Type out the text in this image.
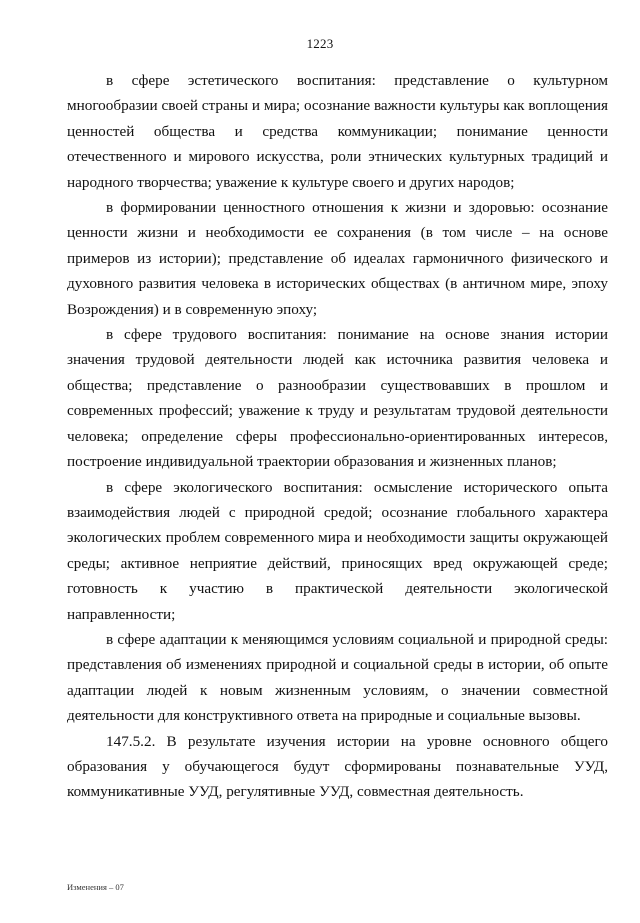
1223

в сфере эстетического воспитания: представление о культурном многообразии своей страны и мира; осознание важности культуры как воплощения ценностей общества и средства коммуникации; понимание ценности отечественного и мирового искусства, роли этнических культурных традиций и народного творчества; уважение к культуре своего и других народов;

в формировании ценностного отношения к жизни и здоровью: осознание ценности жизни и необходимости ее сохранения (в том числе – на основе примеров из истории); представление об идеалах гармоничного физического и духовного развития человека в исторических обществах (в античном мире, эпоху Возрождения) и в современную эпоху;

в сфере трудового воспитания: понимание на основе знания истории значения трудовой деятельности людей как источника развития человека и общества; представление о разнообразии существовавших в прошлом и современных профессий; уважение к труду и результатам трудовой деятельности человека; определение сферы профессионально-ориентированных интересов, построение индивидуальной траектории образования и жизненных планов;

в сфере экологического воспитания: осмысление исторического опыта взаимодействия людей с природной средой; осознание глобального характера экологических проблем современного мира и необходимости защиты окружающей среды; активное неприятие действий, приносящих вред окружающей среде; готовность к участию в практической деятельности экологической направленности;

в сфере адаптации к меняющимся условиям социальной и природной среды: представления об изменениях природной и социальной среды в истории, об опыте адаптации людей к новым жизненным условиям, о значении совместной деятельности для конструктивного ответа на природные и социальные вызовы.

147.5.2. В результате изучения истории на уровне основного общего образования у обучающегося будут сформированы познавательные УУД, коммуникативные УУД, регулятивные УУД, совместная деятельность.

Изменения – 07
